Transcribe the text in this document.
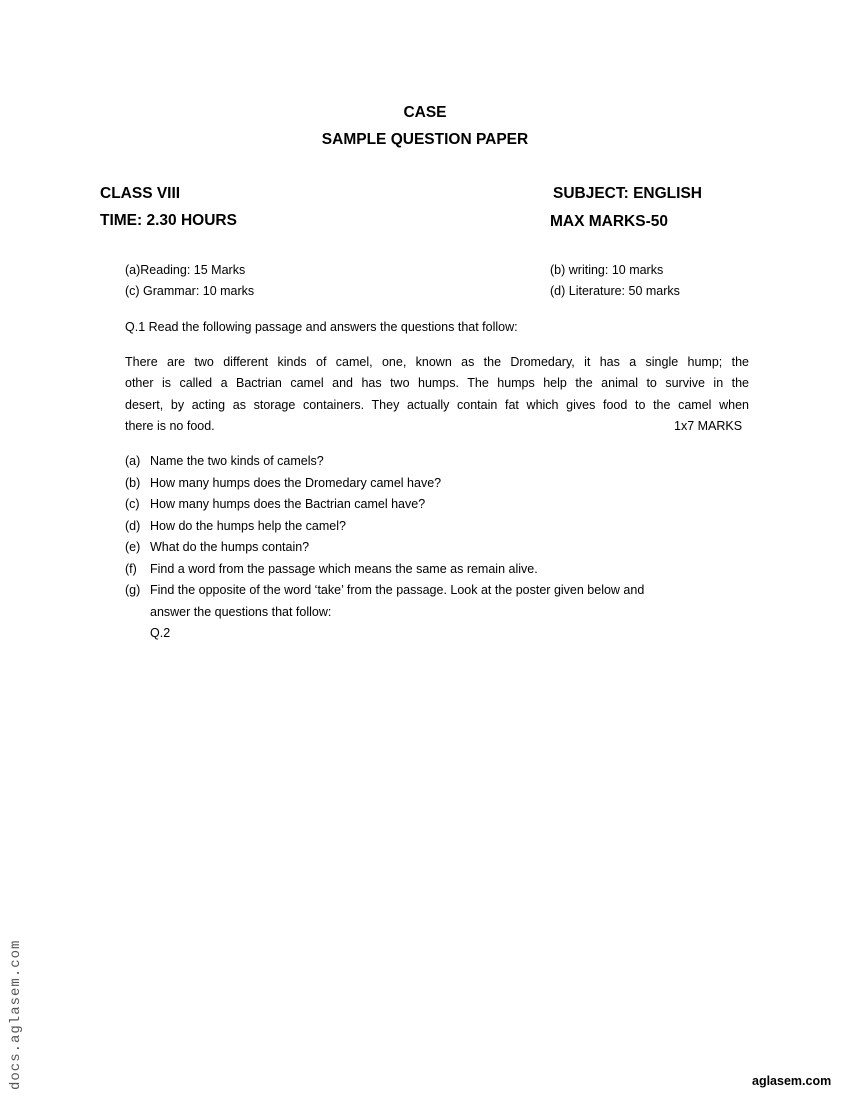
CASE
SAMPLE QUESTION PAPER
CLASS VIII	SUBJECT: ENGLISH
TIME: 2.30 HOURS	MAX MARKS-50
(a)Reading: 15 Marks	(b) writing: 10 marks
(c) Grammar: 10 marks	(d) Literature: 50 marks
Q.1 Read the following passage and answers the questions that follow:
There are two different kinds of camel, one, known as the Dromedary, it has a single hump; the
other is called a Bactrian camel and has two humps. The humps help the animal to survive in the
desert, by acting as storage containers. They actually contain fat which gives food to the camel when
there is no food.	1x7 MARKS
(a) Name the two kinds of camels?
(b) How many humps does the Dromedary camel have?
(c) How many humps does the Bactrian camel have?
(d) How do the humps help the camel?
(e) What do the humps contain?
(f) Find a word from the passage which means the same as remain alive.
(g) Find the opposite of the word ‘take’ from the passage. Look at the poster given below and
answer the questions that follow:
Q.2
docs.aglasem.com	aglasem.com
